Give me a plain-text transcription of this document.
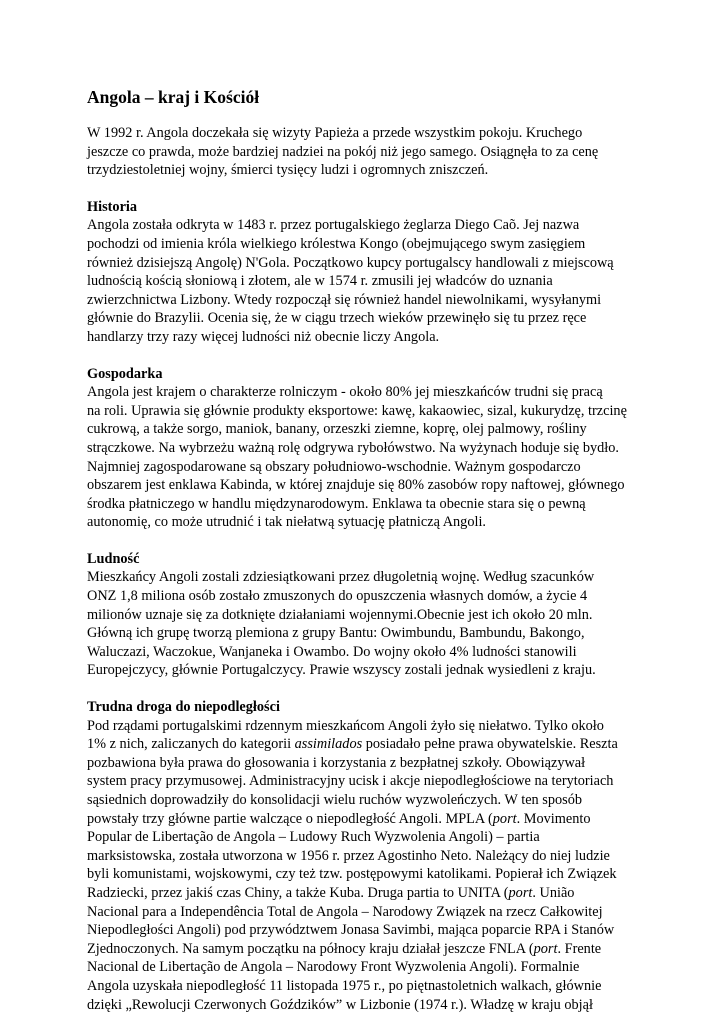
Angola – kraj i Kościół
W 1992 r. Angola doczekała się wizyty Papieża a przede wszystkim pokoju. Kruchego
jeszcze co prawda, może bardziej nadziei na pokój niż jego samego. Osiągnęła to za cenę
trzydziestoletniej wojny, śmierci tysięcy ludzi i ogromnych zniszczeń.
Historia
Angola została odkryta w 1483 r. przez portugalskiego żeglarza Diego Caõ. Jej nazwa
pochodzi od imienia króla wielkiego królestwa Kongo (obejmującego swym zasięgiem
również dzisiejszą Angolę) N'Gola. Początkowo kupcy portugalscy handlowali z miejscową
ludnością kością słoniową i złotem, ale w 1574 r. zmusili jej władców do uznania
zwierzchnictwa Lizbony. Wtedy rozpoczął się również handel niewolnikami, wysyłanymi
głównie do Brazylii. Ocenia się, że w ciągu trzech wieków przewinęło się tu przez ręce
handlarzy trzy razy więcej ludności niż obecnie liczy Angola.
Gospodarka
Angola jest krajem o charakterze rolniczym - około 80% jej mieszkańców trudni się pracą
na roli. Uprawia się głównie produkty eksportowe: kawę, kakaowiec, sizal, kukurydzę, trzcinę
cukrową, a także sorgo, maniok, banany, orzeszki ziemne, koprę, olej palmowy, rośliny
strączkowe. Na wybrzeżu ważną rolę odgrywa rybołówstwo. Na wyżynach hoduje się bydło.
Najmniej zagospodarowane są obszary południowo-wschodnie. Ważnym gospodarczo
obszarem jest enklawa Kabinda, w której znajduje się 80% zasobów ropy naftowej, głównego
środka płatniczego w handlu międzynarodowym. Enklawa ta obecnie stara się o pewną
autonomię, co może utrudnić i tak niełatwą sytuację płatniczą Angoli.
Ludność
Mieszkańcy Angoli zostali zdziesiątkowani przez długoletnią wojnę. Według szacunków
ONZ 1,8 miliona osób zostało zmuszonych do opuszczenia własnych domów, a życie 4
milionów uznaje się za dotknięte działaniami wojennymi.Obecnie jest ich około 20 mln.
Główną ich grupę tworzą plemiona z grupy Bantu: Owimbundu, Bambundu, Bakongo,
Waluczazi, Waczokue, Wanjaneka i Owambo. Do wojny około 4% ludności stanowili
Europejczycy, głównie Portugalczycy. Prawie wszyscy zostali jednak wysiedleni z kraju.
Trudna droga do niepodległości
Pod rządami portugalskimi rdzennym mieszkańcom Angoli żyło się niełatwo. Tylko około
1% z nich, zaliczanych do kategorii assimilados posiadało pełne prawa obywatelskie. Reszta
pozbawiona była prawa do głosowania i korzystania z bezpłatnej szkoły. Obowiązywał
system pracy przymusowej. Administracyjny ucisk i akcje niepodległościowe na terytoriach
sąsiednich doprowadziły do konsolidacji wielu ruchów wyzwoleńczych. W ten sposób
powstały trzy główne partie walczące o niepodległość Angoli. MPLA (port. Movimento
Popular de Libertação de Angola – Ludowy Ruch Wyzwolenia Angoli) – partia
marksistowska, została utworzona w 1956 r. przez Agostinho Neto. Należący do niej ludzie
byli komunistami, wojskowymi, czy też tzw. postępowymi katolikami. Popierał ich Związek
Radziecki, przez jakiś czas Chiny, a także Kuba. Druga partia to UNITA (port. União
Nacional para a Independência Total de Angola – Narodowy Związek na rzecz Całkowitej
Niepodległości Angoli) pod przywództwem Jonasa Savimbi, mająca poparcie RPA i Stanów
Zjednoczonych. Na samym początku na północy kraju działał jeszcze FNLA (port. Frente
Nacional de Libertação de Angola – Narodowy Front Wyzwolenia Angoli). Formalnie
Angola uzyskała niepodległość 11 listopada 1975 r., po piętnastoletnich walkach, głównie
dzięki „Rewolucji Czerwonych Goździków” w Lizbonie (1974 r.). Władzę w kraju objął
